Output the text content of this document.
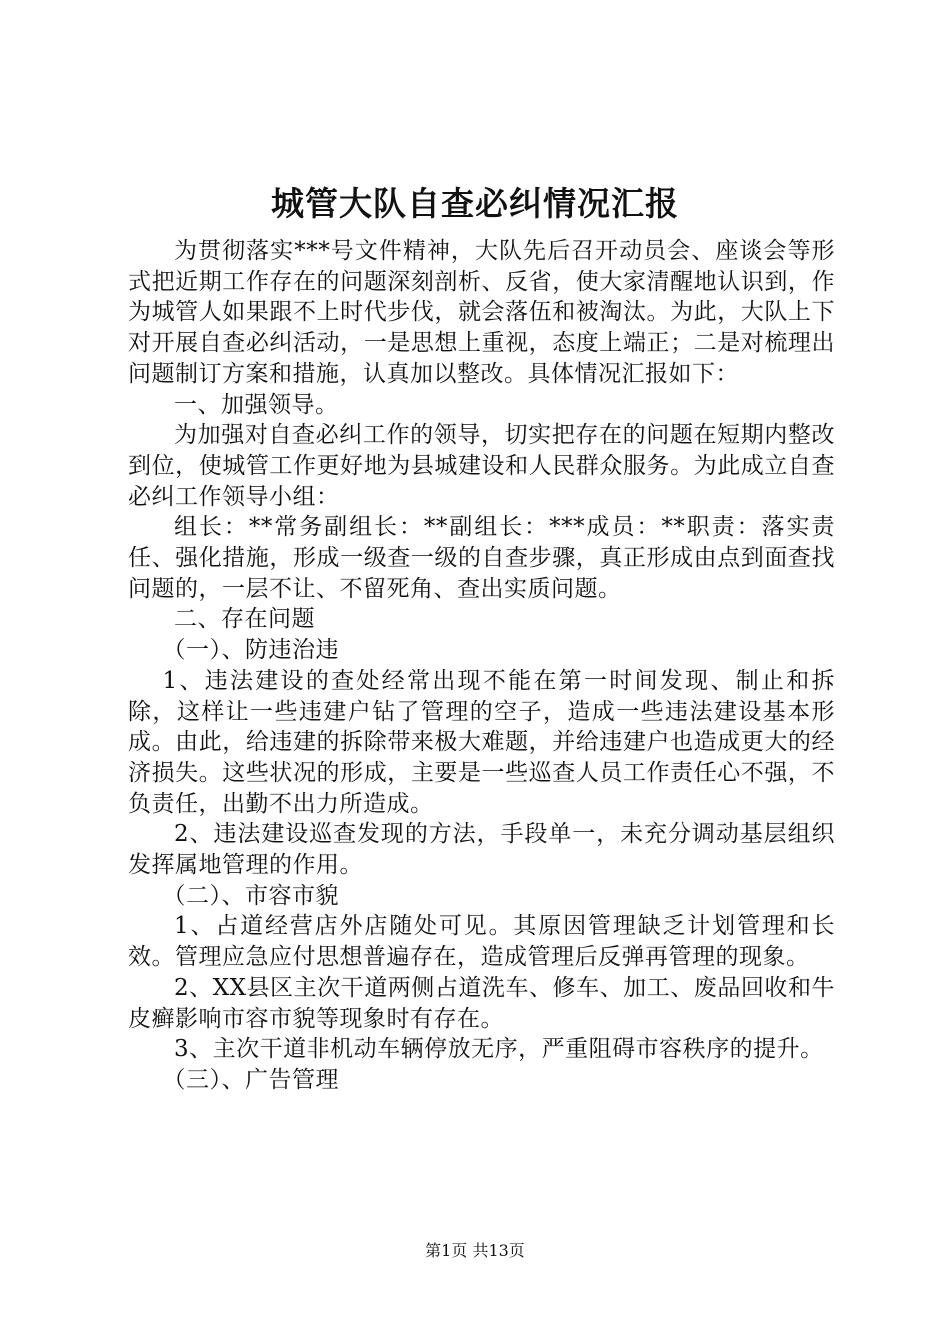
城管大队自查必纠情况汇报

为贯彻落实***号文件精神，大队先后召开动员会、座谈会等形式把近期工作存在的问题深刻剖析、反省，使大家清醒地认识到，作为城管人如果跟不上时代步伐，就会落伍和被淘汰。为此，大队上下对开展自查必纠活动，一是思想上重视，态度上端正；二是对梳理出问题制订方案和措施，认真加以整改。具体情况汇报如下：

一、加强领导。

为加强对自查必纠工作的领导，切实把存在的问题在短期内整改到位，使城管工作更好地为县城建设和人民群众服务。为此成立自查必纠工作领导小组：

组长：**常务副组长：**副组长：***成员：**职责：落实责任、强化措施，形成一级查一级的自查步骤，真正形成由点到面查找问题的，一层不让、不留死角、查出实质问题。

二、存在问题

（一）、防违治违

1、违法建设的查处经常出现不能在第一时间发现、制止和拆除，这样让一些违建户钻了管理的空子，造成一些违法建设基本形成。由此，给违建的拆除带来极大难题，并给违建户也造成更大的经济损失。这些状况的形成，主要是一些巡查人员工作责任心不强，不负责任，出勤不出力所造成。

2、违法建设巡查发现的方法，手段单一，未充分调动基层组织发挥属地管理的作用。

（二）、市容市貌

1、占道经营店外店随处可见。其原因管理缺乏计划管理和长效。管理应急应付思想普遍存在，造成管理后反弹再管理的现象。

2、XX县区主次干道两侧占道洗车、修车、加工、废品回收和牛皮癣影响市容市貌等现象时有存在。

3、主次干道非机动车辆停放无序，严重阻碍市容秩序的提升。

（三）、广告管理

第1页 共13页
